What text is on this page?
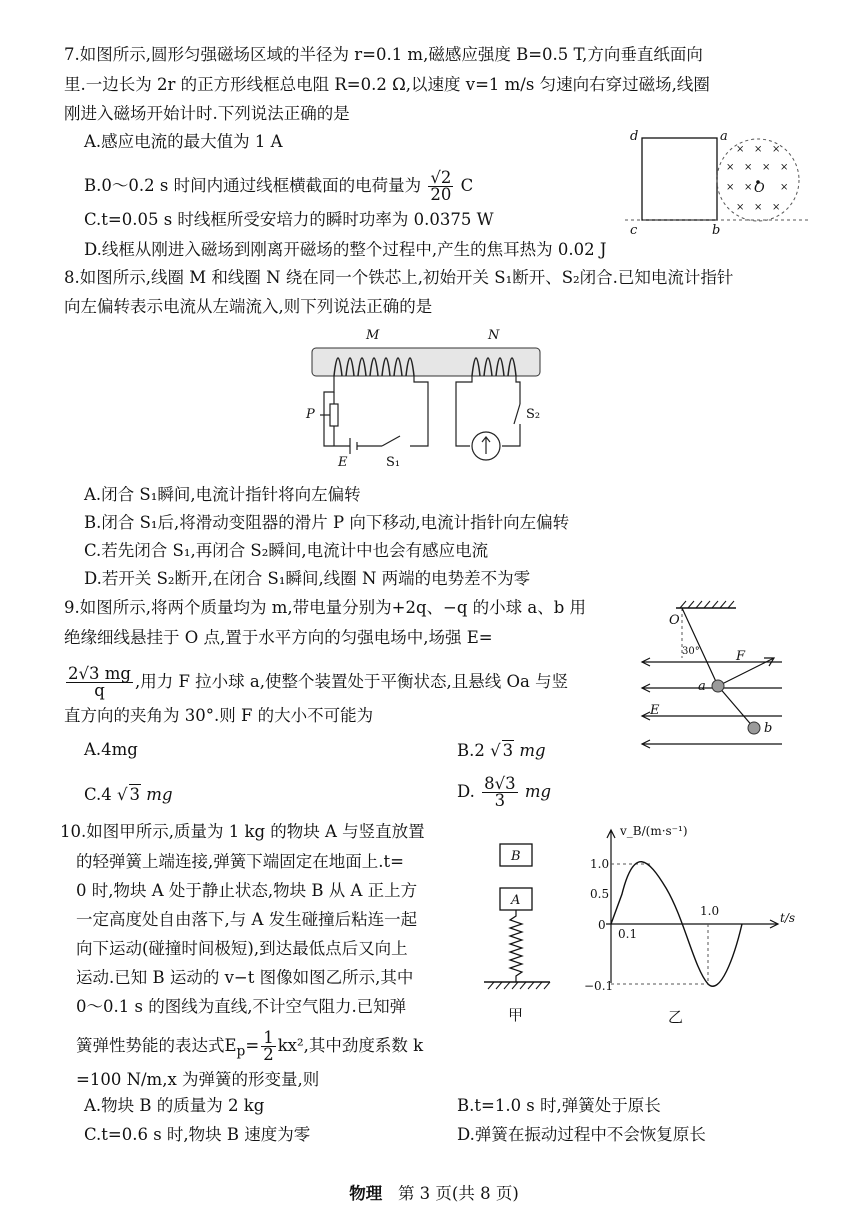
7.如图所示,圆形匀强磁场区域的半径为 r=0.1 m,磁感应强度 B=0.5 T,方向垂直纸面向
里.一边长为 2r 的正方形线框总电阻 R=0.2 Ω,以速度 v=1 m/s 匀速向右穿过磁场,线圈
刚进入磁场开始计时.下列说法正确的是
A.感应电流的最大值为 1 A
B.0～0.2 s 时间内通过线框横截面的电荷量为 $\frac{√2}{20}$ C
C.t=0.05 s 时线框所受安培力的瞬时功率为 0.0375 W
D.线框从刚进入磁场到刚离开磁场的整个过程中,产生的焦耳热为 0.02 J
× × ×
× × × ×
× ×	×
× × ×
O
d	a
c	b
8.如图所示,线圈 M 和线圈 N 绕在同一个铁芯上,初始开关 S₁断开、S₂闭合.已知电流计指针
向左偏转表示电流从左端流入,则下列说法正确的是
M	N
P
E	S₁
S₂
A.闭合 S₁瞬间,电流计指针将向左偏转
B.闭合 S₁后,将滑动变阻器的滑片 P 向下移动,电流计指针向左偏转
C.若先闭合 S₁,再闭合 S₂瞬间,电流计中也会有感应电流
D.若开关 S₂断开,在闭合 S₁瞬间,线圈 N 两端的电势差不为零
9.如图所示,将两个质量均为 m,带电量分别为+2q、−q 的小球 a、b 用
绝缘细线悬挂于 O 点,置于水平方向的匀强电场中,场强 E=
$\frac{2√3 mg}{q}$ ,用力 F 拉小球 a,使整个装置处于平衡状态,且悬线 Oa 与竖
直方向的夹角为 30°.则 F 的大小不可能为
A.4mg	B.2 √ 3 mg
C.4 √ 3 mg	D. $\frac{8√3}{3}$ mg
O
30°	F
a
E
b
10.如图甲所示,质量为 1 kg 的物块 A 与竖直放置
的轻弹簧上端连接,弹簧下端固定在地面上.t=
0 时,物块 A 处于静止状态,物块 B 从 A 正上方
一定高度处自由落下,与 A 发生碰撞后粘连一起
向下运动(碰撞时间极短),到达最低点后又向上
运动.已知 B 运动的 v−t 图像如图乙所示,其中
0～0.1 s 的图线为直线,不计空气阻力.已知弹
簧弹性势能的表达式$E_p= \frac{1}{2} kx^2$,其中劲度系数 k
=100 N/m,x 为弹簧的形变量,则
A.物块 B 的质量为 2 kg	B.t=1.0 s 时,弹簧处于原长
C.t=0.6 s 时,物块 B 速度为零	D.弹簧在振动过程中不会恢复原长
B
A
甲
v_B/(m·s⁻¹)
t/s
1.0
0.5
0
−0.1
0.1
1.0
乙
物理 第 3 页(共 8 页)
